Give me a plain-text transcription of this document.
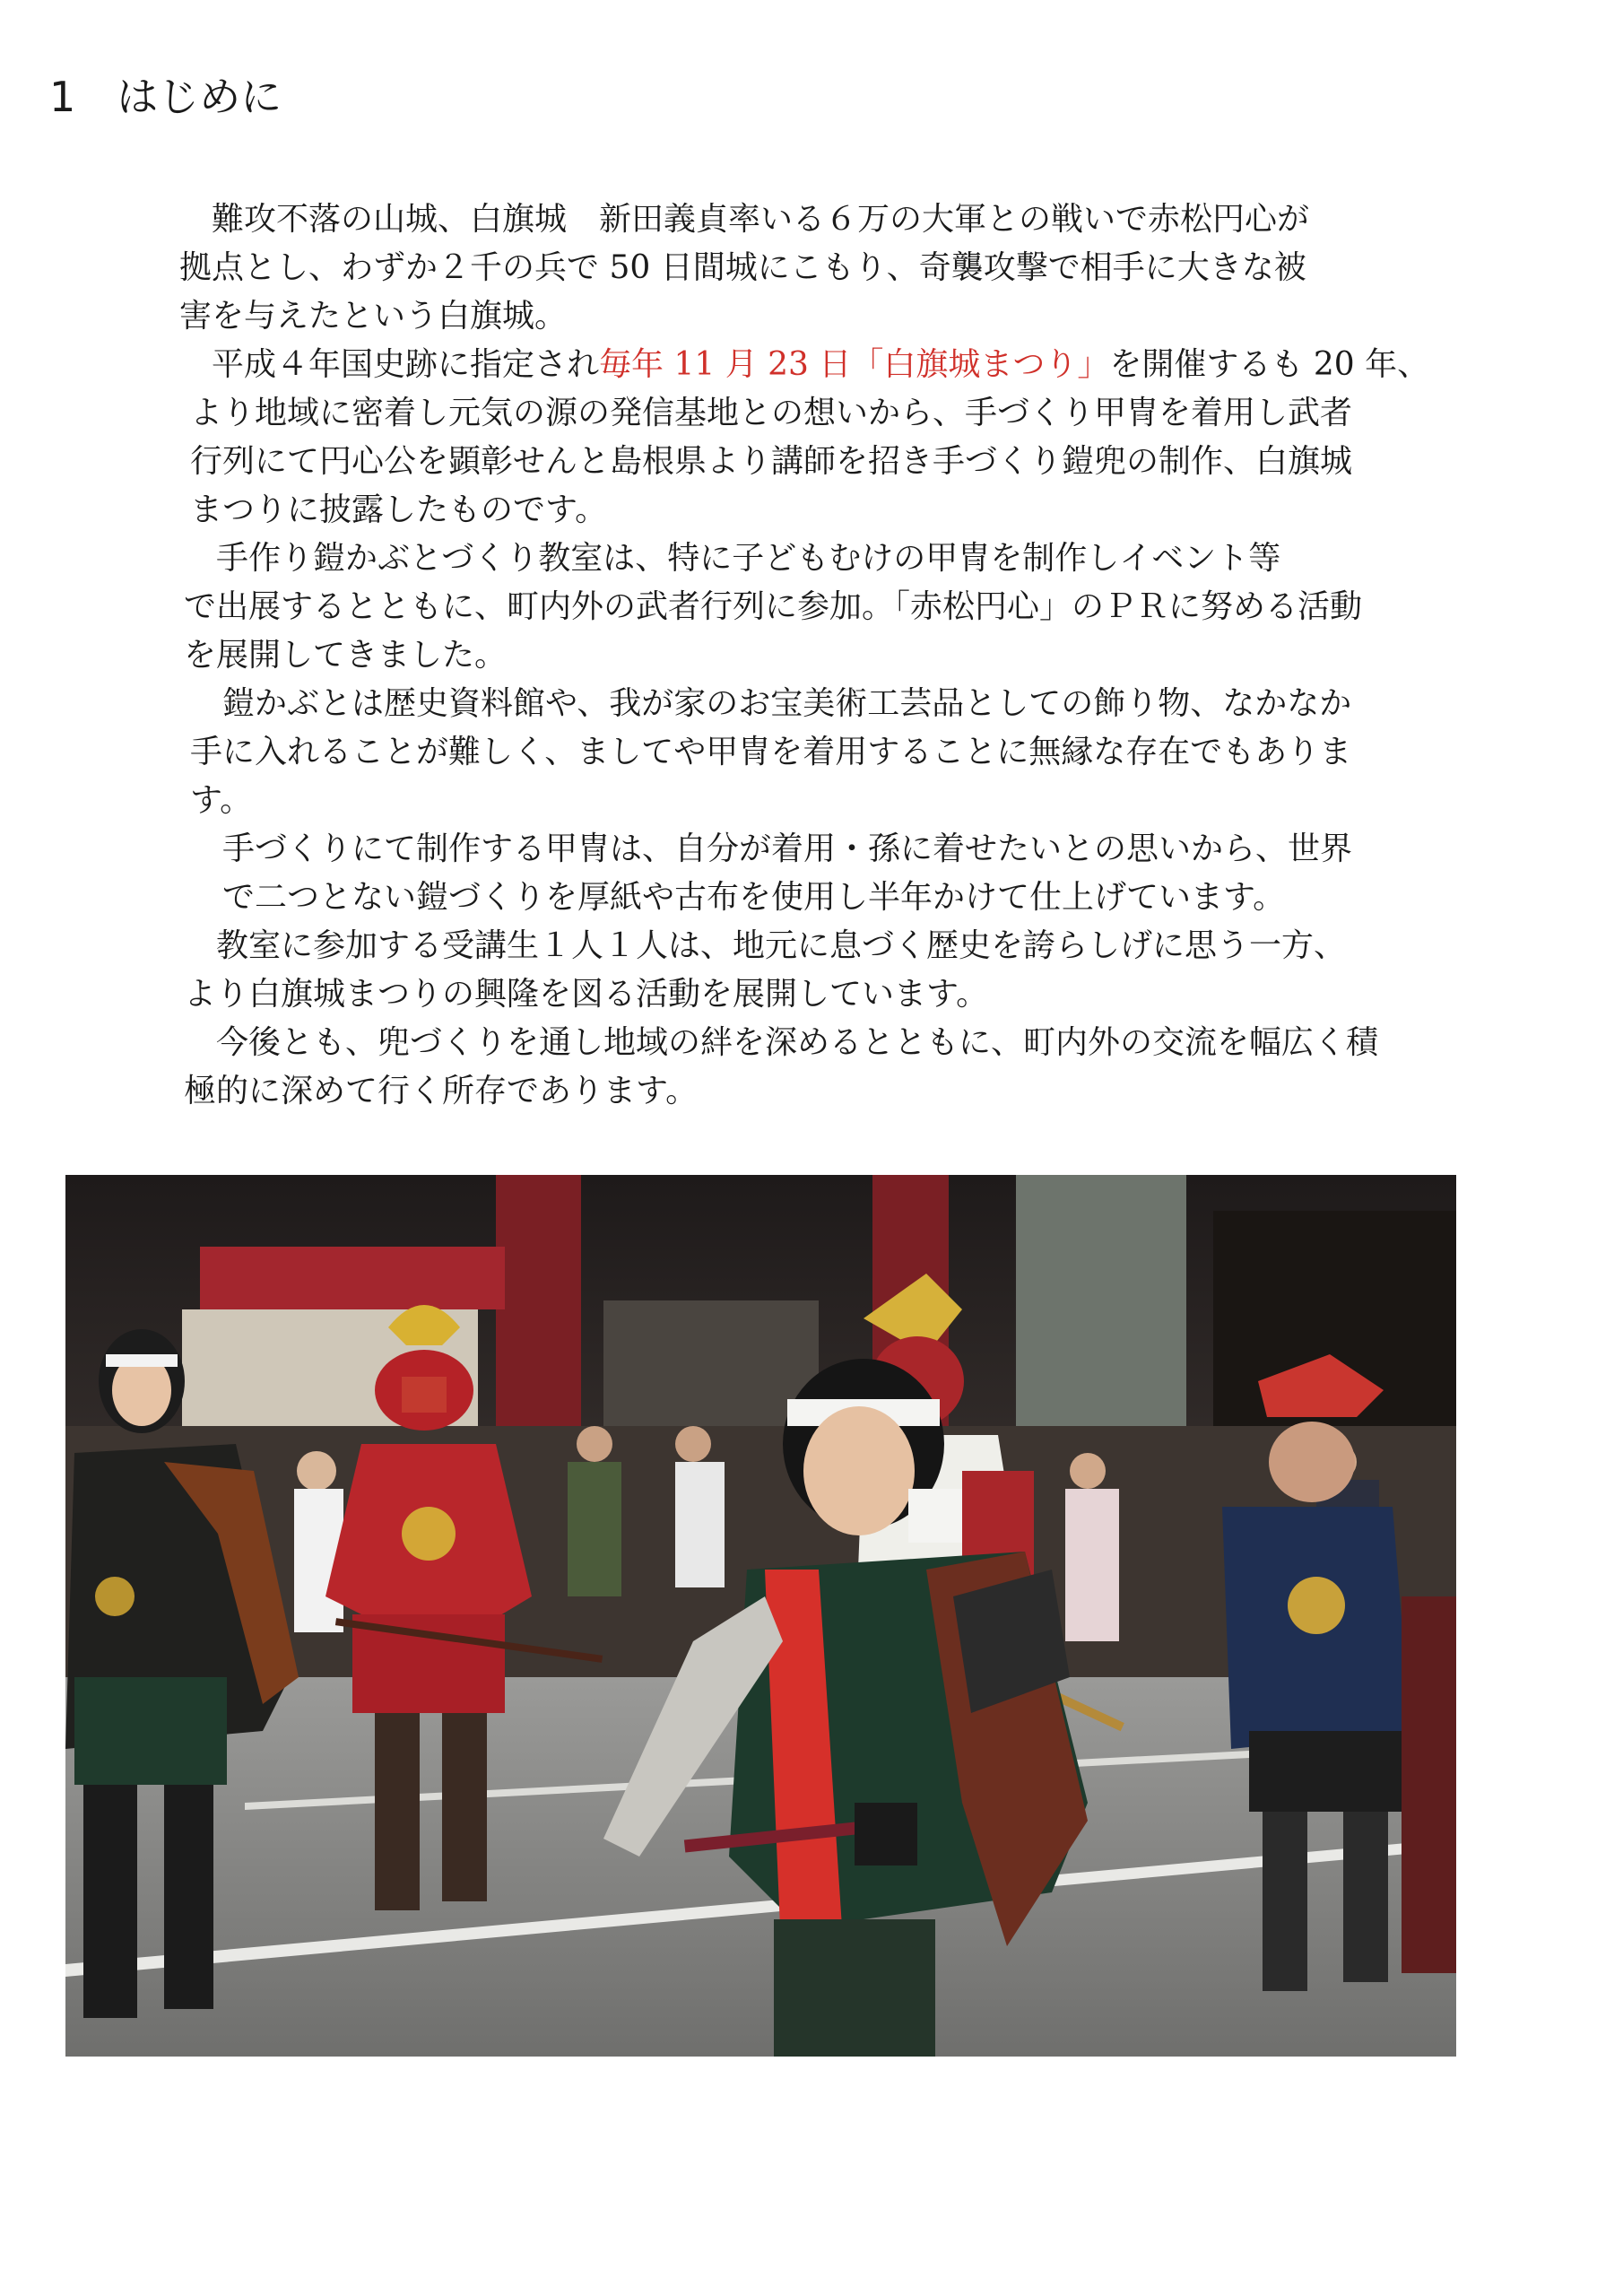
1　はじめに
　難攻不落の山城、白旗城　新田義貞率いる６万の大軍との戦いで赤松円心が
拠点とし、わずか２千の兵で 50 日間城にこもり、奇襲攻撃で相手に大きな被
害を与えたという白旗城。
　平成４年国史跡に指定され毎年 11 月 23 日「白旗城まつり」を開催するも 20 年、
より地域に密着し元気の源の発信基地との想いから、手づくり甲冑を着用し武者
行列にて円心公を顕彰せんと島根県より講師を招き手づくり鎧兜の制作、白旗城
まつりに披露したものです。
　手作り鎧かぶとづくり教室は、特に子どもむけの甲冑を制作しイベント等
で出展するとともに、町内外の武者行列に参加。「赤松円心」のＰＲに努める活動
を展開してきました。
　鎧かぶとは歴史資料館や、我が家のお宝美術工芸品としての飾り物、なかなか
手に入れることが難しく、ましてや甲冑を着用することに無縁な存在でもありま
す。
　手づくりにて制作する甲冑は、自分が着用・孫に着せたいとの思いから、世界
　で二つとない鎧づくりを厚紙や古布を使用し半年かけて仕上げています。
　教室に参加する受講生１人１人は、地元に息づく歴史を誇らしげに思う一方、
より白旗城まつりの興隆を図る活動を展開しています。
　今後とも、兜づくりを通し地域の絆を深めるとともに、町内外の交流を幅広く積
極的に深めて行く所存であります。
